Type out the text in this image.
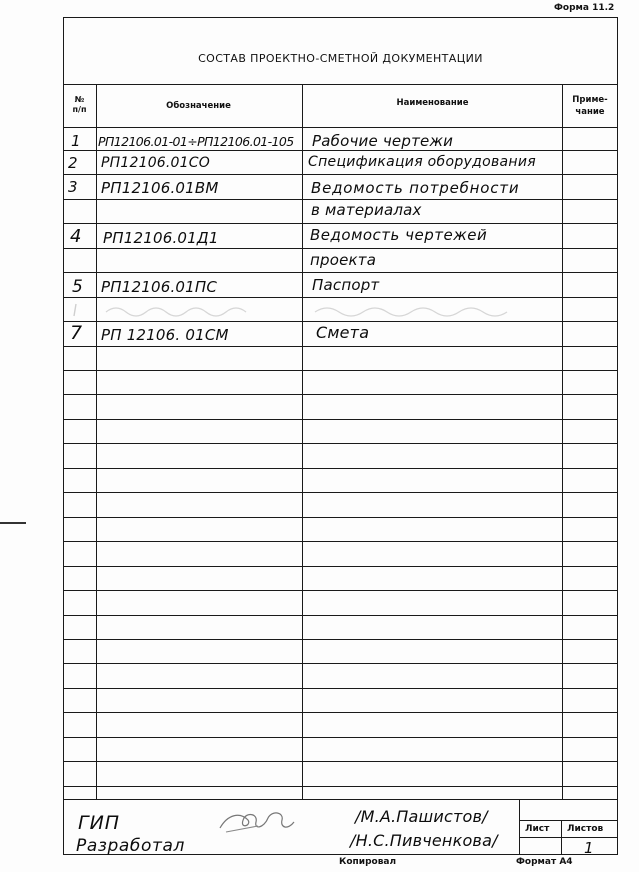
Форма 11.2
СОСТАВ ПРОЕКТНО-СМЕТНОЙ ДОКУМЕНТАЦИИ
№
п/п	Обозначение	Наименование	Приме-
чание
1 РП12106.01-01÷РП12106.01-105 Рабочие чертежи
2 РП12106.01СО	Спецификация оборудования
3 РП12106.01ВМ	Ведомость потребности
в материалах
4 РП12106.01Д1	Ведомость чертежей
проекта
5 РП12106.01ПС	Паспорт
7 РП 12106. 01СМ	Смета
Лист Листов
1
ГИП
Разработал
/М.А.Пашистов/
/Н.С.Пивченкова/
Копировал	Формат А4
